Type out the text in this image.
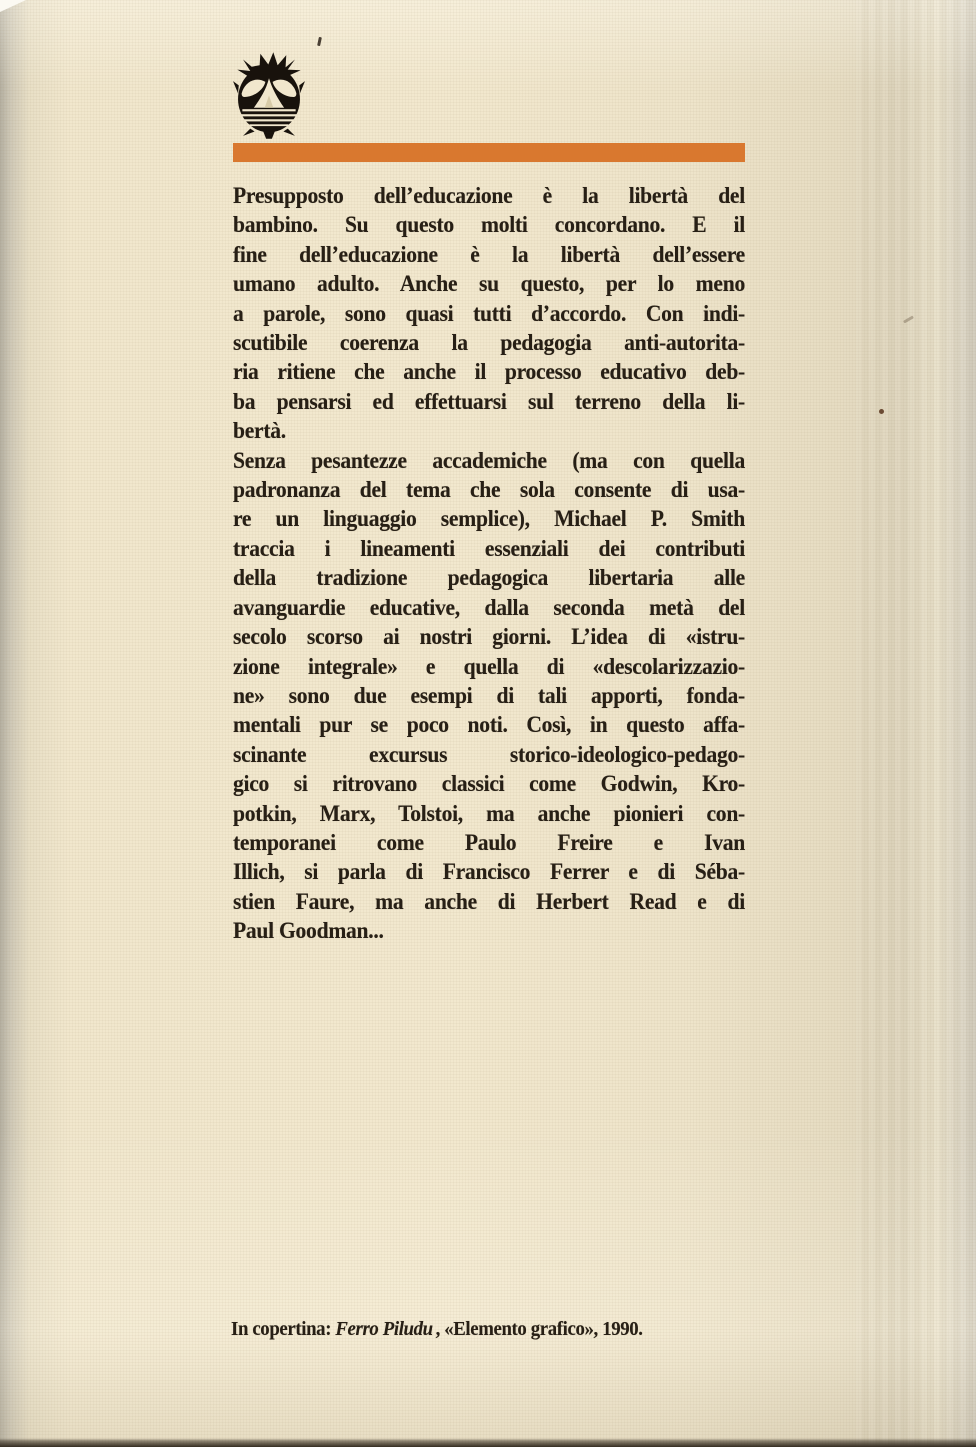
Presupposto dell’educazione è la libertà del
bambino. Su questo molti concordano. E il
fine dell’educazione è la libertà dell’essere
umano adulto. Anche su questo, per lo meno
a parole, sono quasi tutti d’accordo. Con indi-
scutibile coerenza la pedagogia anti-autorita-
ria ritiene che anche il processo educativo deb-
ba pensarsi ed effettuarsi sul terreno della li-
bertà.
Senza pesantezze accademiche (ma con quella
padronanza del tema che sola consente di usa-
re un linguaggio semplice), Michael P. Smith
traccia i lineamenti essenziali dei contributi
della tradizione pedagogica libertaria alle
avanguardie educative, dalla seconda metà del
secolo scorso ai nostri giorni. L’idea di «istru-
zione integrale» e quella di «descolarizzazio-
ne» sono due esempi di tali apporti, fonda-
mentali pur se poco noti. Così, in questo affa-
scinante excursus storico-ideologico-pedago-
gico si ritrovano classici come Godwin, Kro-
potkin, Marx, Tolstoi, ma anche pionieri con-
temporanei come Paulo Freire e Ivan
Illich, si parla di Francisco Ferrer e di Séba-
stien Faure, ma anche di Herbert Read e di
Paul Goodman...
In copertina: Ferro Piludu , «Elemento grafico», 1990.
